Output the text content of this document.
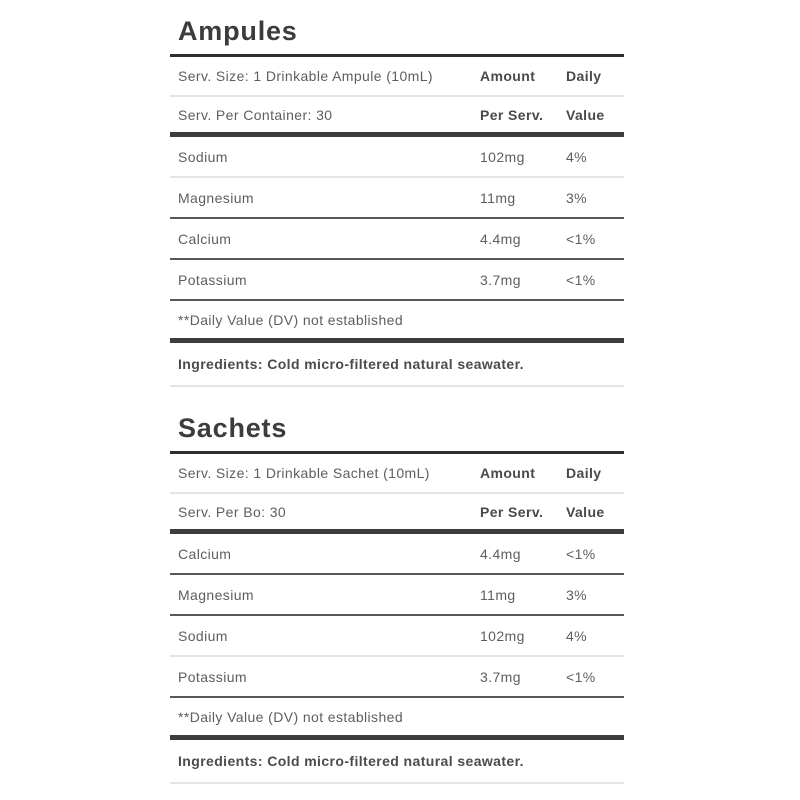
Ampules
Serv. Size: 1 Drinkable Ampule (10mL)	Amount	Daily
Serv. Per Container: 30	Per Serv.	Value
Sodium	102mg	4%
Magnesium	11mg	3%
Calcium	4.4mg	<1%
Potassium	3.7mg	<1%
**Daily Value (DV) not established
Ingredients: Cold micro-filtered natural seawater.
Sachets
Serv. Size: 1 Drinkable Sachet (10mL)	Amount	Daily
Serv. Per Bo: 30	Per Serv.	Value
Calcium	4.4mg	<1%
Magnesium	11mg	3%
Sodium	102mg	4%
Potassium	3.7mg	<1%
**Daily Value (DV) not established
Ingredients: Cold micro-filtered natural seawater.
